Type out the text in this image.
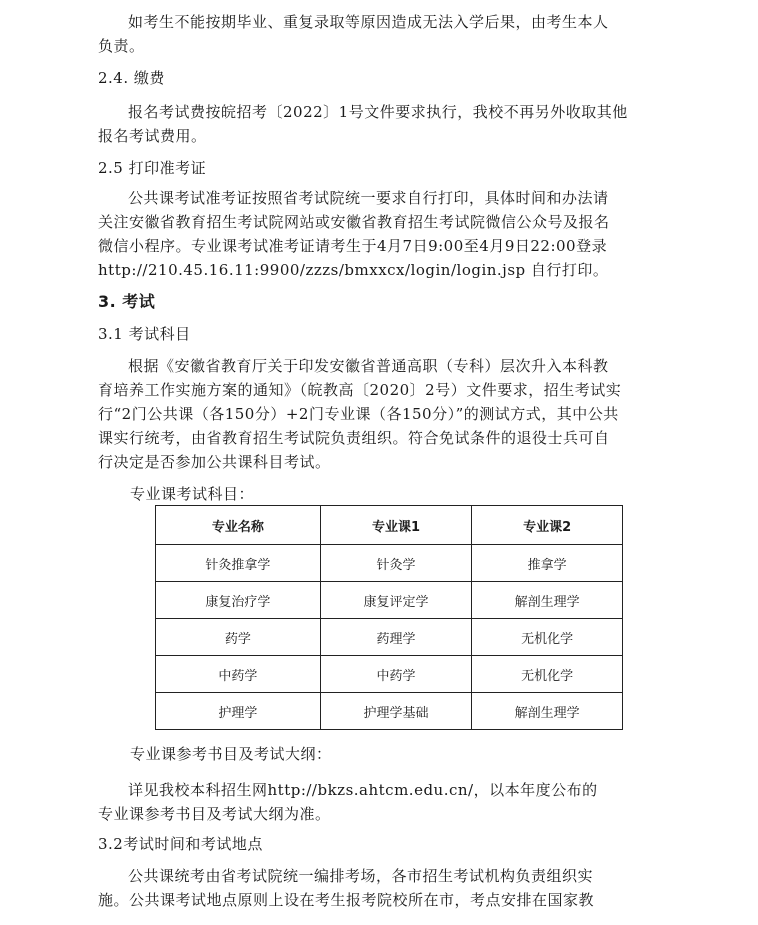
如考生不能按期毕业、重复录取等原因造成无法入学后果，由考生本人
负责。
2.4. 缴费
报名考试费按皖招考〔2022〕1号文件要求执行，我校不再另外收取其他
报名考试费用。
2.5 打印准考证
公共课考试准考证按照省考试院统一要求自行打印，具体时间和办法请
关注安徽省教育招生考试院网站或安徽省教育招生考试院微信公众号及报名
微信小程序。专业课考试准考证请考生于4月7日9:00至4月9日22:00登录
http://210.45.16.11:9900/zzzs/bmxxcx/login/login.jsp 自行打印。
3. 考试
3.1 考试科目
根据《安徽省教育厅关于印发安徽省普通高职（专科）层次升入本科教
育培养工作实施方案的通知》（皖教高〔2020〕2号）文件要求，招生考试实
行“2门公共课（各150分）+2门专业课（各150分）”的测试方式，其中公共
课实行统考，由省教育招生考试院负责组织。符合免试条件的退役士兵可自
行决定是否参加公共课科目考试。
专业课考试科目：
专业名称	专业课1	专业课2
针灸推拿学	针灸学	推拿学
康复治疗学	康复评定学	解剖生理学
药学	药理学	无机化学
中药学	中药学	无机化学
护理学	护理学基础	解剖生理学
专业课参考书目及考试大纲：
详见我校本科招生网http://bkzs.ahtcm.edu.cn/，以本年度公布的
专业课参考书目及考试大纲为准。
3.2考试时间和考试地点
公共课统考由省考试院统一编排考场，各市招生考试机构负责组织实
施。公共课考试地点原则上设在考生报考院校所在市，考点安排在国家教
